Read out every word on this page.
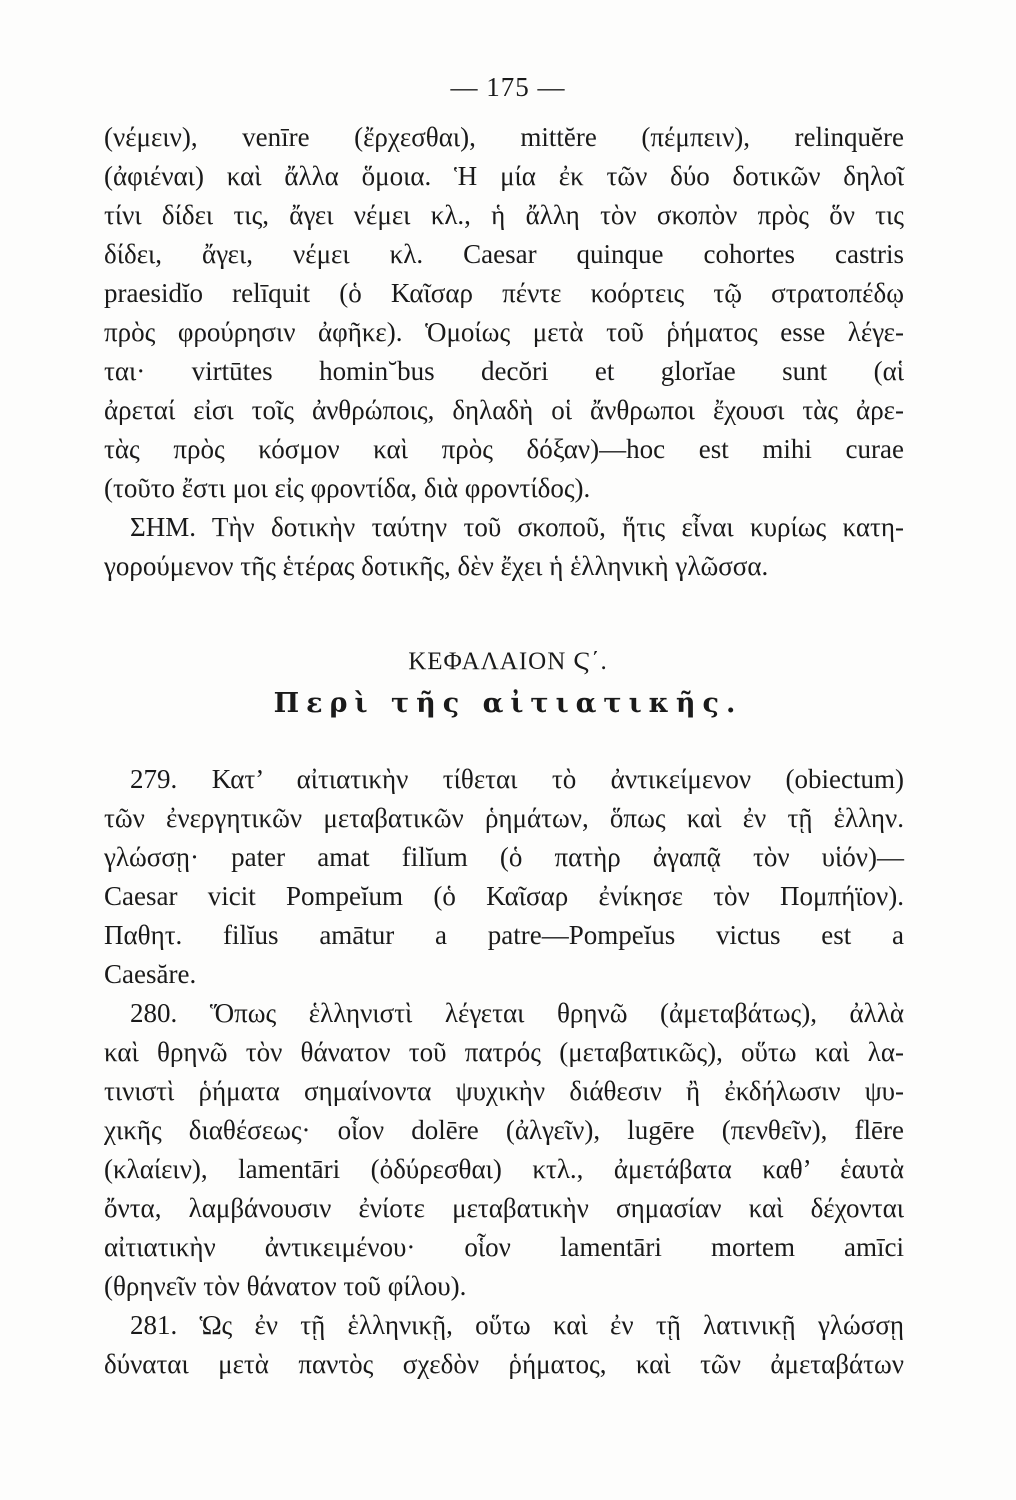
— 175 —
(νέμειν), venīre (ἔρχεσθαι), mittĕre (πέμπειν), relinquĕre
(ἀφιέναι) καὶ ἄλλα ὅμοια. Ἡ μία ἐκ τῶν δύο δοτικῶν δηλοῖ
τίνι δίδει τις, ἄγει νέμει κλ., ἡ ἄλλη τὸν σκοπὸν πρὸς ὅν τις
δίδει, ἄγει, νέμει κλ. Caesar quinque cohortes castris
praesidĭo relīquit (ὁ Καῖσαρ πέντε κοόρτεις τῷ στρατοπέδῳ
πρὸς φρούρησιν ἀφῆκε). Ὁμοίως μετὰ τοῦ ῥήματος esse λέγε-
ται· virtūtes homin˘bus decŏri et glorĭae sunt (αἱ
ἀρεταί εἰσι τοῖς ἀνθρώποις, δηλαδὴ οἱ ἄνθρωποι ἔχουσι τὰς ἀρε-
τὰς πρὸς κόσμον καὶ πρὸς δόξαν)—hoc est mihi curae
(τοῦτο ἔστι μοι εἰς φροντίδα, διὰ φροντίδος).
ΣΗΜ. Τὴν δοτικὴν ταύτην τοῦ σκοποῦ, ἥτις εἶναι κυρίως κατη-
γορούμενον τῆς ἑτέρας δοτικῆς, δὲν ἔχει ἡ ἑλληνικὴ γλῶσσα.
ΚΕΦΑΛΑΙΟΝ Ϛ΄.
Περὶ τῆς αἰτιατικῆς.
279. Κατ’ αἰτιατικὴν τίθεται τὸ ἀντικείμενον (obiectum)
τῶν ἐνεργητικῶν μεταβατικῶν ῥημάτων, ὅπως καὶ ἐν τῇ ἑλλην.
γλώσσῃ· pater amat filĭum (ὁ πατὴρ ἀγαπᾷ τὸν υἱόν)—
Caesar vicit Pompeĭum (ὁ Καῖσαρ ἐνίκησε τὸν Πομπήϊον).
Παθητ. filĭus amātur a patre—Pompeĭus victus est a
Caesăre.
280. Ὅπως ἑλληνιστὶ λέγεται θρηνῶ (ἀμεταβάτως), ἀλλὰ
καὶ θρηνῶ τὸν θάνατον τοῦ πατρός (μεταβατικῶς), οὕτω καὶ λα-
τινιστὶ ῥήματα σημαίνοντα ψυχικὴν διάθεσιν ἢ ἐκδήλωσιν ψυ-
χικῆς διαθέσεως· οἷον dolēre (ἀλγεῖν), lugēre (πενθεῖν), flēre
(κλαίειν), lamentāri (ὀδύρεσθαι) κτλ., ἀμετάβατα καθ’ ἑαυτὰ
ὄντα, λαμβάνουσιν ἐνίοτε μεταβατικὴν σημασίαν καὶ δέχονται
αἰτιατικὴν ἀντικειμένου· οἷον lamentāri mortem amīci
(θρηνεῖν τὸν θάνατον τοῦ φίλου).
281. Ὡς ἐν τῇ ἑλληνικῇ, οὕτω καὶ ἐν τῇ λατινικῇ γλώσσῃ
δύναται μετὰ παντὸς σχεδὸν ῥήματος, καὶ τῶν ἀμεταβάτων
